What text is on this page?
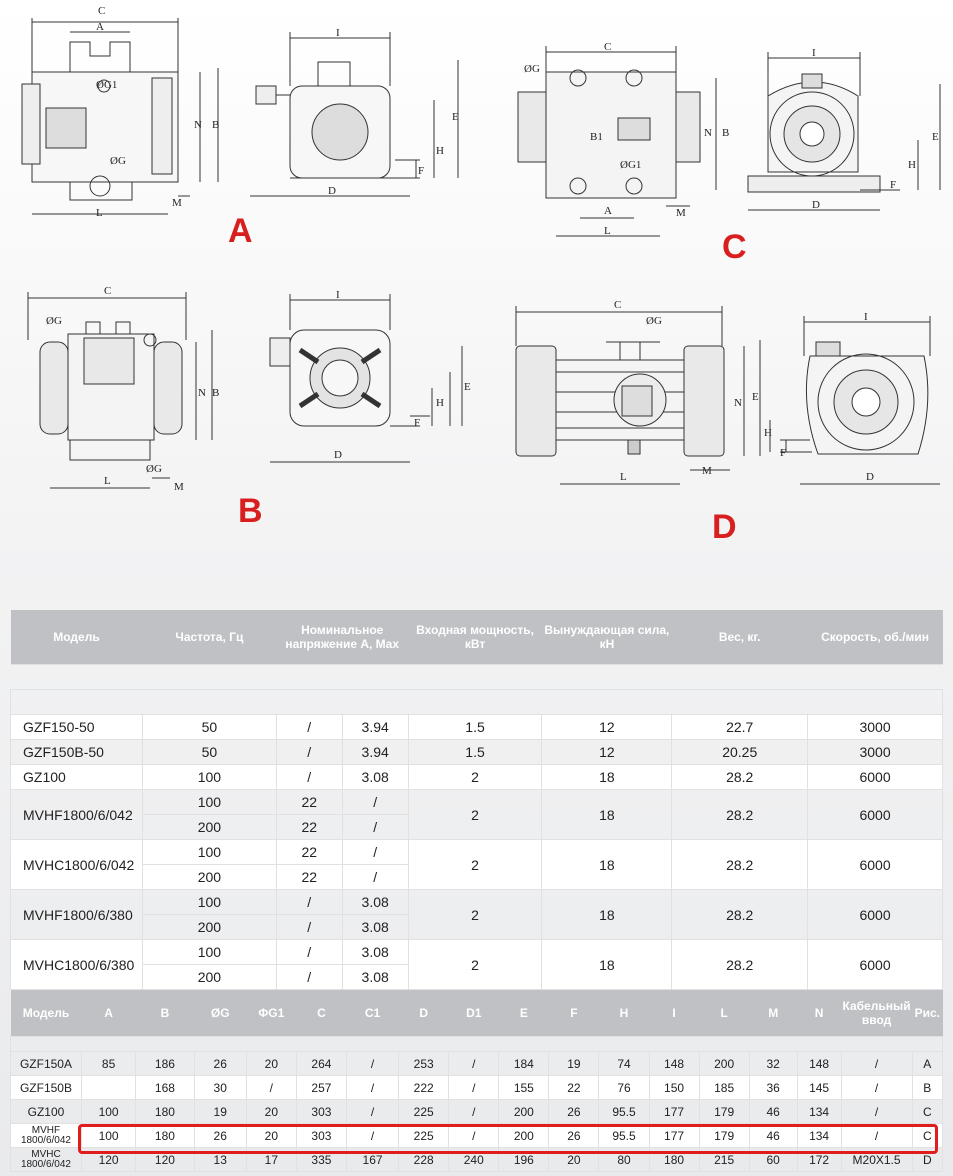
C
A
ØG1
ØG
B
N
L
M
I
E
H
F
D
C
ØG
B1
ØG1
N B
A
L
M
I
E
H
F
D
C
ØG
B
N
L
ØG
M
I
E
H
F
D
C
ØG
N E
L	M
I
H
F
D
A	C
B	D
Модель	Частота, Гц	Номинальное напряжение А, Max		Входная мощность, кВт	Вынуждающая сила, кН	Вес, кг.	Скорость, об./мин

GZF150-50	50	/	3.94	1.5	12	22.7	3000
GZF150B-50	50	/	3.94	1.5	12	20.25	3000
GZ100	100	/	3.08	2	18	28.2	6000
MVHF1800/6/042	100	22	/	2	18	28.2	6000
	200	22	/				
MVHC1800/6/042	100	22	/	2	18	28.2	6000
	200	22	/				
MVHF1800/6/380	100	/	3.08	2	18	28.2	6000
	200	/	3.08				
MVHC1800/6/380	100	/	3.08	2	18	28.2	6000
	200	/	3.08				
Модель	A	B	ØG	ΦG1	C	C1	D	D1	E	F	H	I	L	M	N	Кабельный ввод	Рис.

GZF150A	85	186	26	20	264	/	253	/	184	19	74	148	200	32	148	/	A
GZF150B		168	30	/	257	/	222	/	155	22	76	150	185	36	145	/	B
GZ100	100	180	19	20	303	/	225	/	200	26	95.5	177	179	46	134	/	C
MVHF 1800/6/042	100	180	26	20	303	/	225	/	200	26	95.5	177	179	46	134	/	C
MVHC 1800/6/042	120	120	13	17	335	167	228	240	196	20	80	180	215	60	172	M20X1.5	D
